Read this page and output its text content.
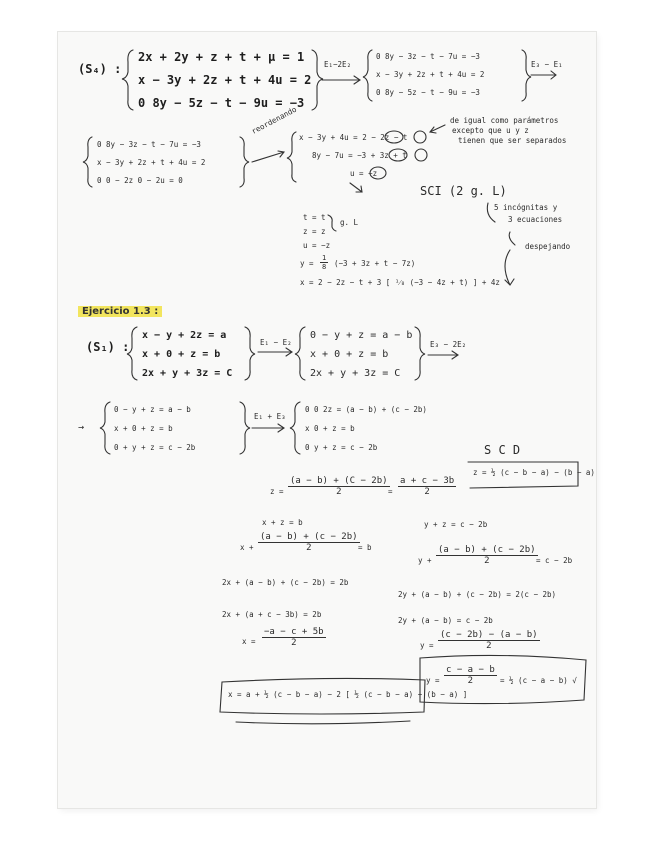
(S₄) :
2x + 2y + z + t + μ = 1
x − 3y + 2z + t + 4u = 2
0 8y − 5z − t − 9u = −3
E₁−2E₂
0 8y − 3z − t − 7u = −3
x − 3y + 2z + t + 4u = 2
0 8y − 5z − t − 9u = −3
E₃ − E₁
0 8y − 3z − t − 7u = −3
x − 3y + 2z + t + 4u = 2
0 0 − 2z 0 − 2u = 0
reordenando
x − 3y + 4u = 2 − 2z − t
8y − 7u = −3 + 3z + t
u = −z
de igual como parámetros
excepto que u y z
tienen que ser separados
SCI (2 g. L)
5 incógnitas y
3 ecuaciones
despejando
t = t
z = z
u = −z
g. L
$y = \frac{1}{8} (-3 + 3z + t - 7z)$
x = 2 − 2z − t + 3 [ ¹⁄₈ (−3 − 4z + t) ] + 4z
Ejercicio 1.3 :
(S₁) :
x − y + 2z = a
x + 0 + z = b
2x + y + 3z = C
E₁ − E₂
0 − y + z = a − b
x + 0 + z = b
2x + y + 3z = C
E₃ − 2E₂
→
0 − y + z = a − b
x + 0 + z = b
0 + y + z = c − 2b
E₁ + E₃
0 0 2z = (a − b) + (c − 2b)
x 0 + z = b
0 y + z = c − 2b	S C D
z = ½ (c − b − a) − (b − a)
$z = \frac{(a - b) + (C - 2b)}{2}$
= $\frac{a + c - 3b}{2}$
x + z = b
$x + \frac{(a - b) + (c - 2b)}{2}$
= b
2x + (a − b) + (c − 2b) = 2b
2x + (a + c − 3b) = 2b
$x = \frac{-a - c + 5b}{2}$
y + z = c − 2b
$y + \frac{(a - b) + (c - 2b)}{2}$
= c − 2b
2y + (a − b) + (c − 2b) = 2(c − 2b)
2y + (a − b) = c − 2b
$y = \frac{(c - 2b) - (a - b)}{2}$
$y = \frac{c - a - b}{2}$ = ½ (c − a − b) √
x = a + ½ (c − b − a) − 2 [ ½ (c − b − a) − (b − a) ]
